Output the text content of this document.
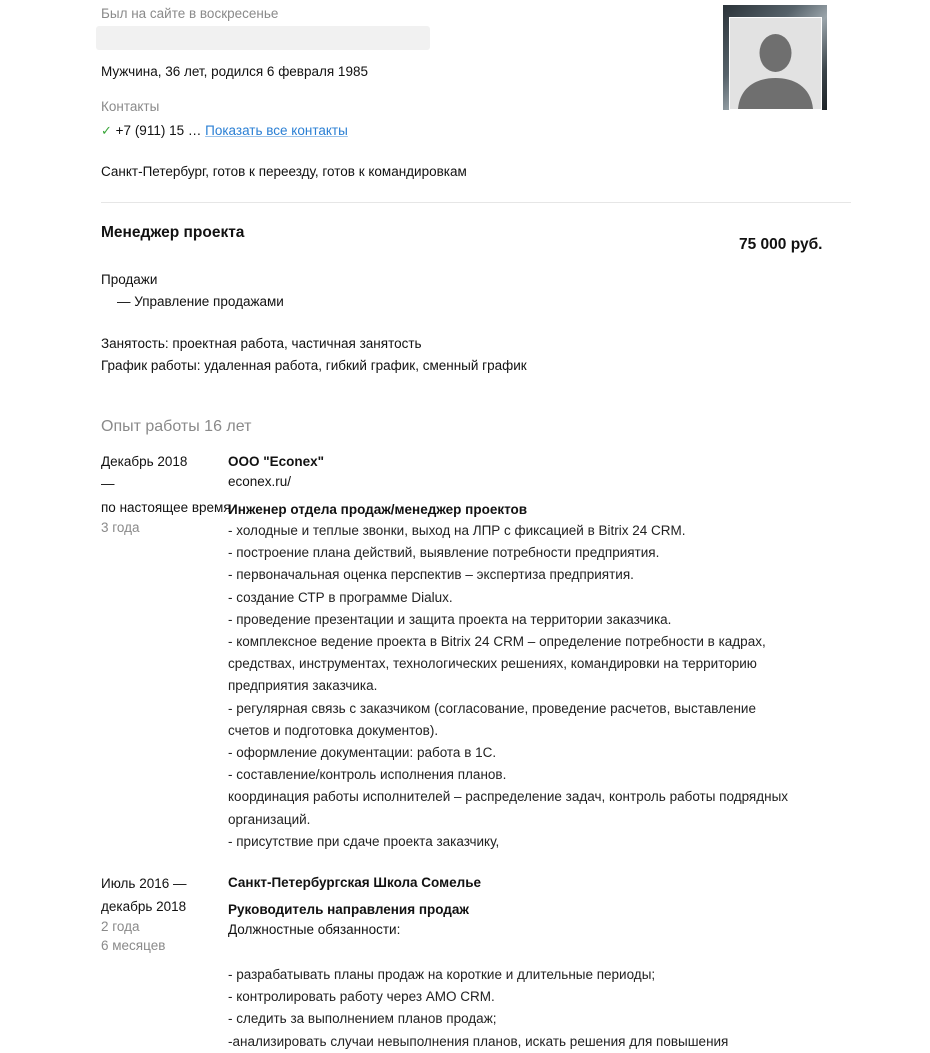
Был на сайте в воскресенье
Мужчина, 36 лет, родился 6 февраля 1985
Контакты
✓ +7 (911) 15 … Показать все контакты
Санкт-Петербург, готов к переезду, готов к командировкам
Менеджер проекта
75 000 руб.
Продажи
— Управление продажами
Занятость: проектная работа, частичная занятость
График работы: удаленная работа, гибкий график, сменный график
Опыт работы 16 лет
Декабрь 2018
—
по настоящее время
3 года
ООО "Econex"
econex.ru/
Инженер отдела продаж/менеджер проектов
- холодные и теплые звонки, выход на ЛПР с фиксацией в Bitrix 24 CRM.
- построение плана действий, выявление потребности предприятия.
- первоначальная оценка перспектив – экспертиза предприятия.
- создание СТР в программе Dialux.
- проведение презентации и защита проекта на территории заказчика.
- комплексное ведение проекта в Bitrix 24 CRM – определение потребности в кадрах,
средствах, инструментах, технологических решениях, командировки на территорию
предприятия заказчика.
- регулярная связь с заказчиком (согласование, проведение расчетов, выставление
счетов и подготовка документов).
- оформление документации: работа в 1С.
- составление/контроль исполнения планов.
координация работы исполнителей – распределение задач, контроль работы подрядных
организаций.
- присутствие при сдаче проекта заказчику,
Июль 2016 —
декабрь 2018
2 года
6 месяцев
Санкт-Петербургская Школа Сомелье
Руководитель направления продаж
Должностные обязанности:
- разрабатывать планы продаж на короткие и длительные периоды;
- контролировать работу через АМО CRM.
- следить за выполнением планов продаж;
-анализировать случаи невыполнения планов, искать решения для повышения
